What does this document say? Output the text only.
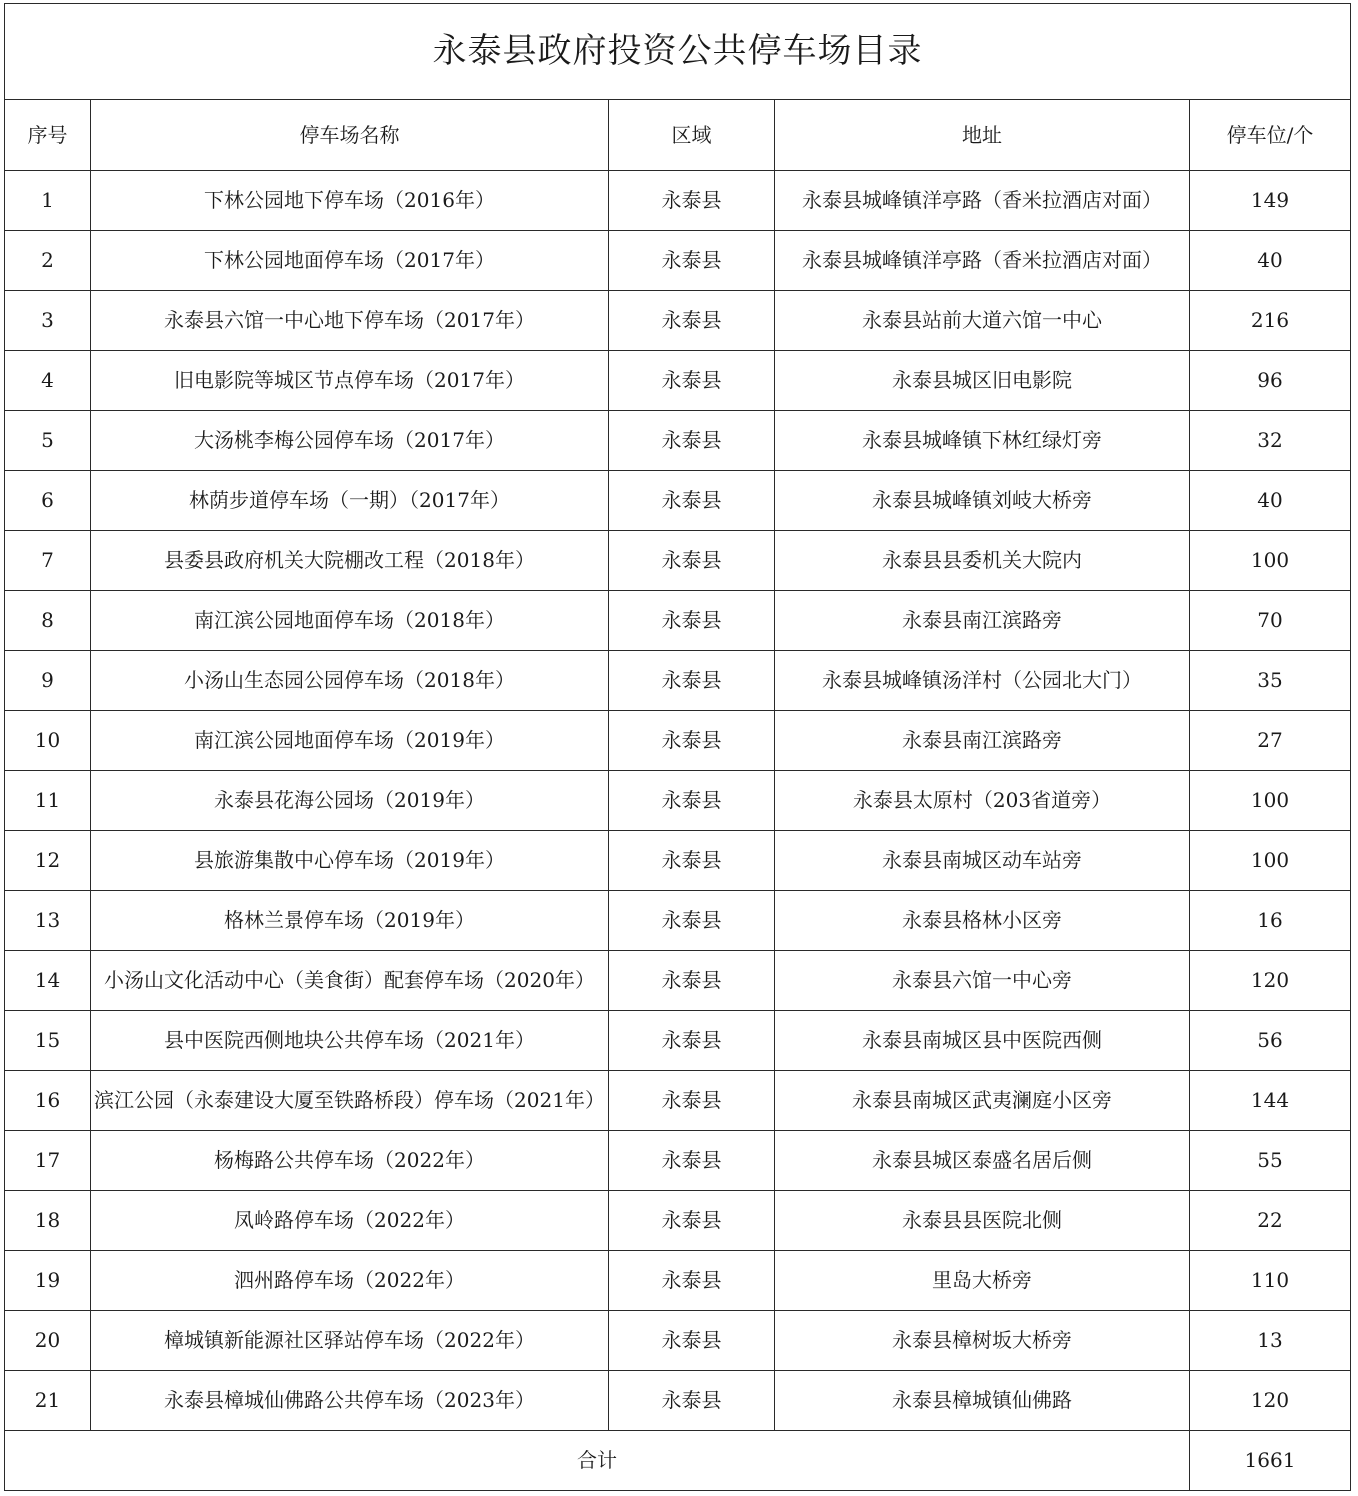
永泰县政府投资公共停车场目录				
序号	停车场名称	区域	地址	停车位/个
1	下林公园地下停车场（2016年）	永泰县	永泰县城峰镇洋亭路（香米拉酒店对面）	149
2	下林公园地面停车场（2017年）	永泰县	永泰县城峰镇洋亭路（香米拉酒店对面）	40
3	永泰县六馆一中心地下停车场（2017年）	永泰县	永泰县站前大道六馆一中心	216
4	旧电影院等城区节点停车场（2017年）	永泰县	永泰县城区旧电影院	96
5	大汤桃李梅公园停车场（2017年）	永泰县	永泰县城峰镇下林红绿灯旁	32
6	林荫步道停车场（一期）（2017年）	永泰县	永泰县城峰镇刘岐大桥旁	40
7	县委县政府机关大院棚改工程（2018年）	永泰县	永泰县县委机关大院内	100
8	南江滨公园地面停车场（2018年）	永泰县	永泰县南江滨路旁	70
9	小汤山生态园公园停车场（2018年）	永泰县	永泰县城峰镇汤洋村（公园北大门）	35
10	南江滨公园地面停车场（2019年）	永泰县	永泰县南江滨路旁	27
11	永泰县花海公园场（2019年）	永泰县	永泰县太原村（203省道旁）	100
12	县旅游集散中心停车场（2019年）	永泰县	永泰县南城区动车站旁	100
13	格林兰景停车场（2019年）	永泰县	永泰县格林小区旁	16
14	小汤山文化活动中心（美食街）配套停车场（2020年）	永泰县	永泰县六馆一中心旁	120
15	县中医院西侧地块公共停车场（2021年）	永泰县	永泰县南城区县中医院西侧	56
16	滨江公园（永泰建设大厦至铁路桥段）停车场（2021年）	永泰县	永泰县南城区武夷澜庭小区旁	144
17	杨梅路公共停车场（2022年）	永泰县	永泰县城区泰盛名居后侧	55
18	凤岭路停车场（2022年）	永泰县	永泰县县医院北侧	22
19	泗州路停车场（2022年）	永泰县	里岛大桥旁	110
20	樟城镇新能源社区驿站停车场（2022年）	永泰县	永泰县樟树坂大桥旁	13
21	永泰县樟城仙佛路公共停车场（2023年）	永泰县	永泰县樟城镇仙佛路	120
合计				1661
